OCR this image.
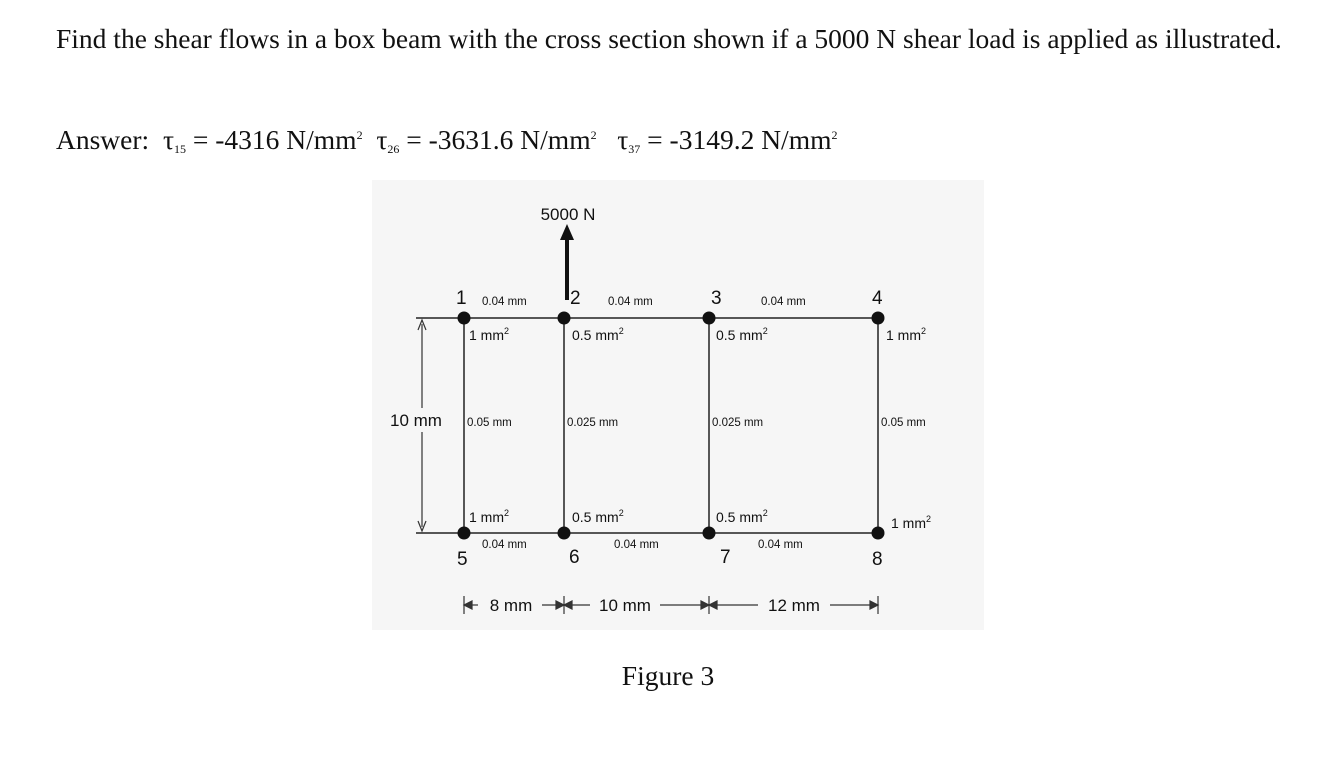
Find the shear flows in a box beam with the cross section shown if a 5000 N shear load is applied as illustrated.
Answer: $\tau_{15} = -4316$ $N/mm^2$ $\tau_{26} = -3631.6$ $N/mm^2$ $\tau_{37} = -3149.2$ $N/mm^2$
5000 N
10 mm
1	2	3	4
5	6	7	8
0.04 mm	0.04 mm	0.04 mm
0.04 mm	0.04 mm	0.04 mm
0.05 mm	0.025 mm	0.025 mm	0.05 mm
1 $mm^2$	0.5 $mm^2$	0.5 $mm^2$	1 $mm^2$
1 $mm^2$	0.5 $mm^2$	0.5 $mm^2$
1 $mm^2$
8 mm	10 mm	12 mm
Figure 3
